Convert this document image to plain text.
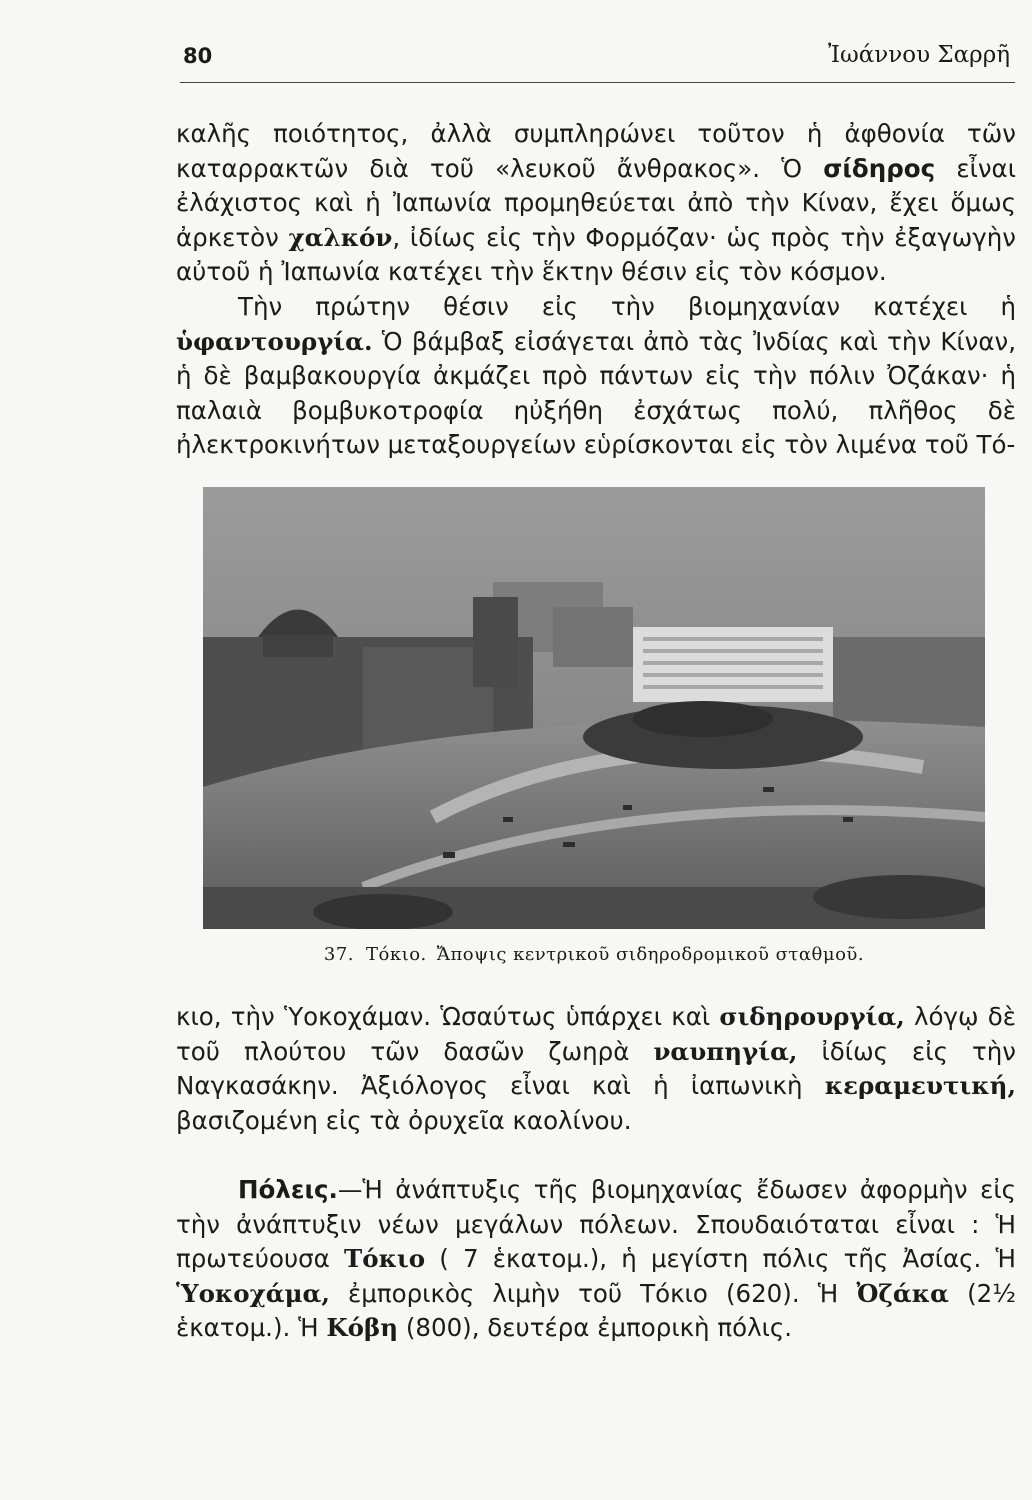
80	Ἰωάννου Σαρρῆ

καλῆς ποιότητος, ἀλλὰ συμπληρώνει τοῦτον ἡ ἀφθονία τῶν καταρρακτῶν διὰ τοῦ «λευκοῦ ἄνθρακος». Ὁ σίδηρος εἶναι ἐλάχιστος καὶ ἡ Ἰαπωνία προμηθεύεται ἀπὸ τὴν Κίναν, ἔχει ὅμως ἀρκετὸν χαλκόν, ἰδίως εἰς τὴν Φορμόζαν· ὡς πρὸς τὴν ἐξαγωγὴν αὐτοῦ ἡ Ἰαπωνία κατέχει τὴν ἕκτην θέσιν εἰς τὸν κόσμον.

Τὴν πρώτην θέσιν εἰς τὴν βιομηχανίαν κατέχει ἡ ὑφαντουργία. Ὁ βάμβαξ εἰσάγεται ἀπὸ τὰς Ἰνδίας καὶ τὴν Κίναν, ἡ δὲ βαμβακουργία ἀκμάζει πρὸ πάντων εἰς τὴν πόλιν Ὀζάκαν· ἡ παλαιὰ βομβυκοτροφία ηὐξήθη ἐσχάτως πολύ, πλῆθος δὲ ἠλεκτροκινήτων μεταξουργείων εὑρίσκονται εἰς τὸν λιμένα τοῦ Τό-

37. Τόκιο. Ἄποψις κεντρικοῦ σιδηροδρομικοῦ σταθμοῦ.

κιο, τὴν Ὑοκοχάμαν. Ὡσαύτως ὑπάρχει καὶ σιδηρουργία, λόγῳ δὲ τοῦ πλούτου τῶν δασῶν ζωηρὰ ναυπηγία, ἰδίως εἰς τὴν Ναγκασάκην. Ἀξιόλογος εἶναι καὶ ἡ ἰαπωνικὴ κεραμευτική, βασιζομένη εἰς τὰ ὀρυχεῖα καολίνου.

Πόλεις.—Ἡ ἀνάπτυξις τῆς βιομηχανίας ἔδωσεν ἀφορμὴν εἰς τὴν ἀνάπτυξιν νέων μεγάλων πόλεων. Σπουδαιόταται εἶναι : Ἡ πρωτεύουσα Τόκιο ( 7 ἑκατομ.), ἡ μεγίστη πόλις τῆς Ἀσίας. Ἡ Ὑοκοχάμα, ἐμπορικὸς λιμὴν τοῦ Τόκιο (620). Ἡ Ὀζάκα (2½ ἑκατομ.). Ἡ Κόβη (800), δευτέρα ἐμπορικὴ πόλις.
